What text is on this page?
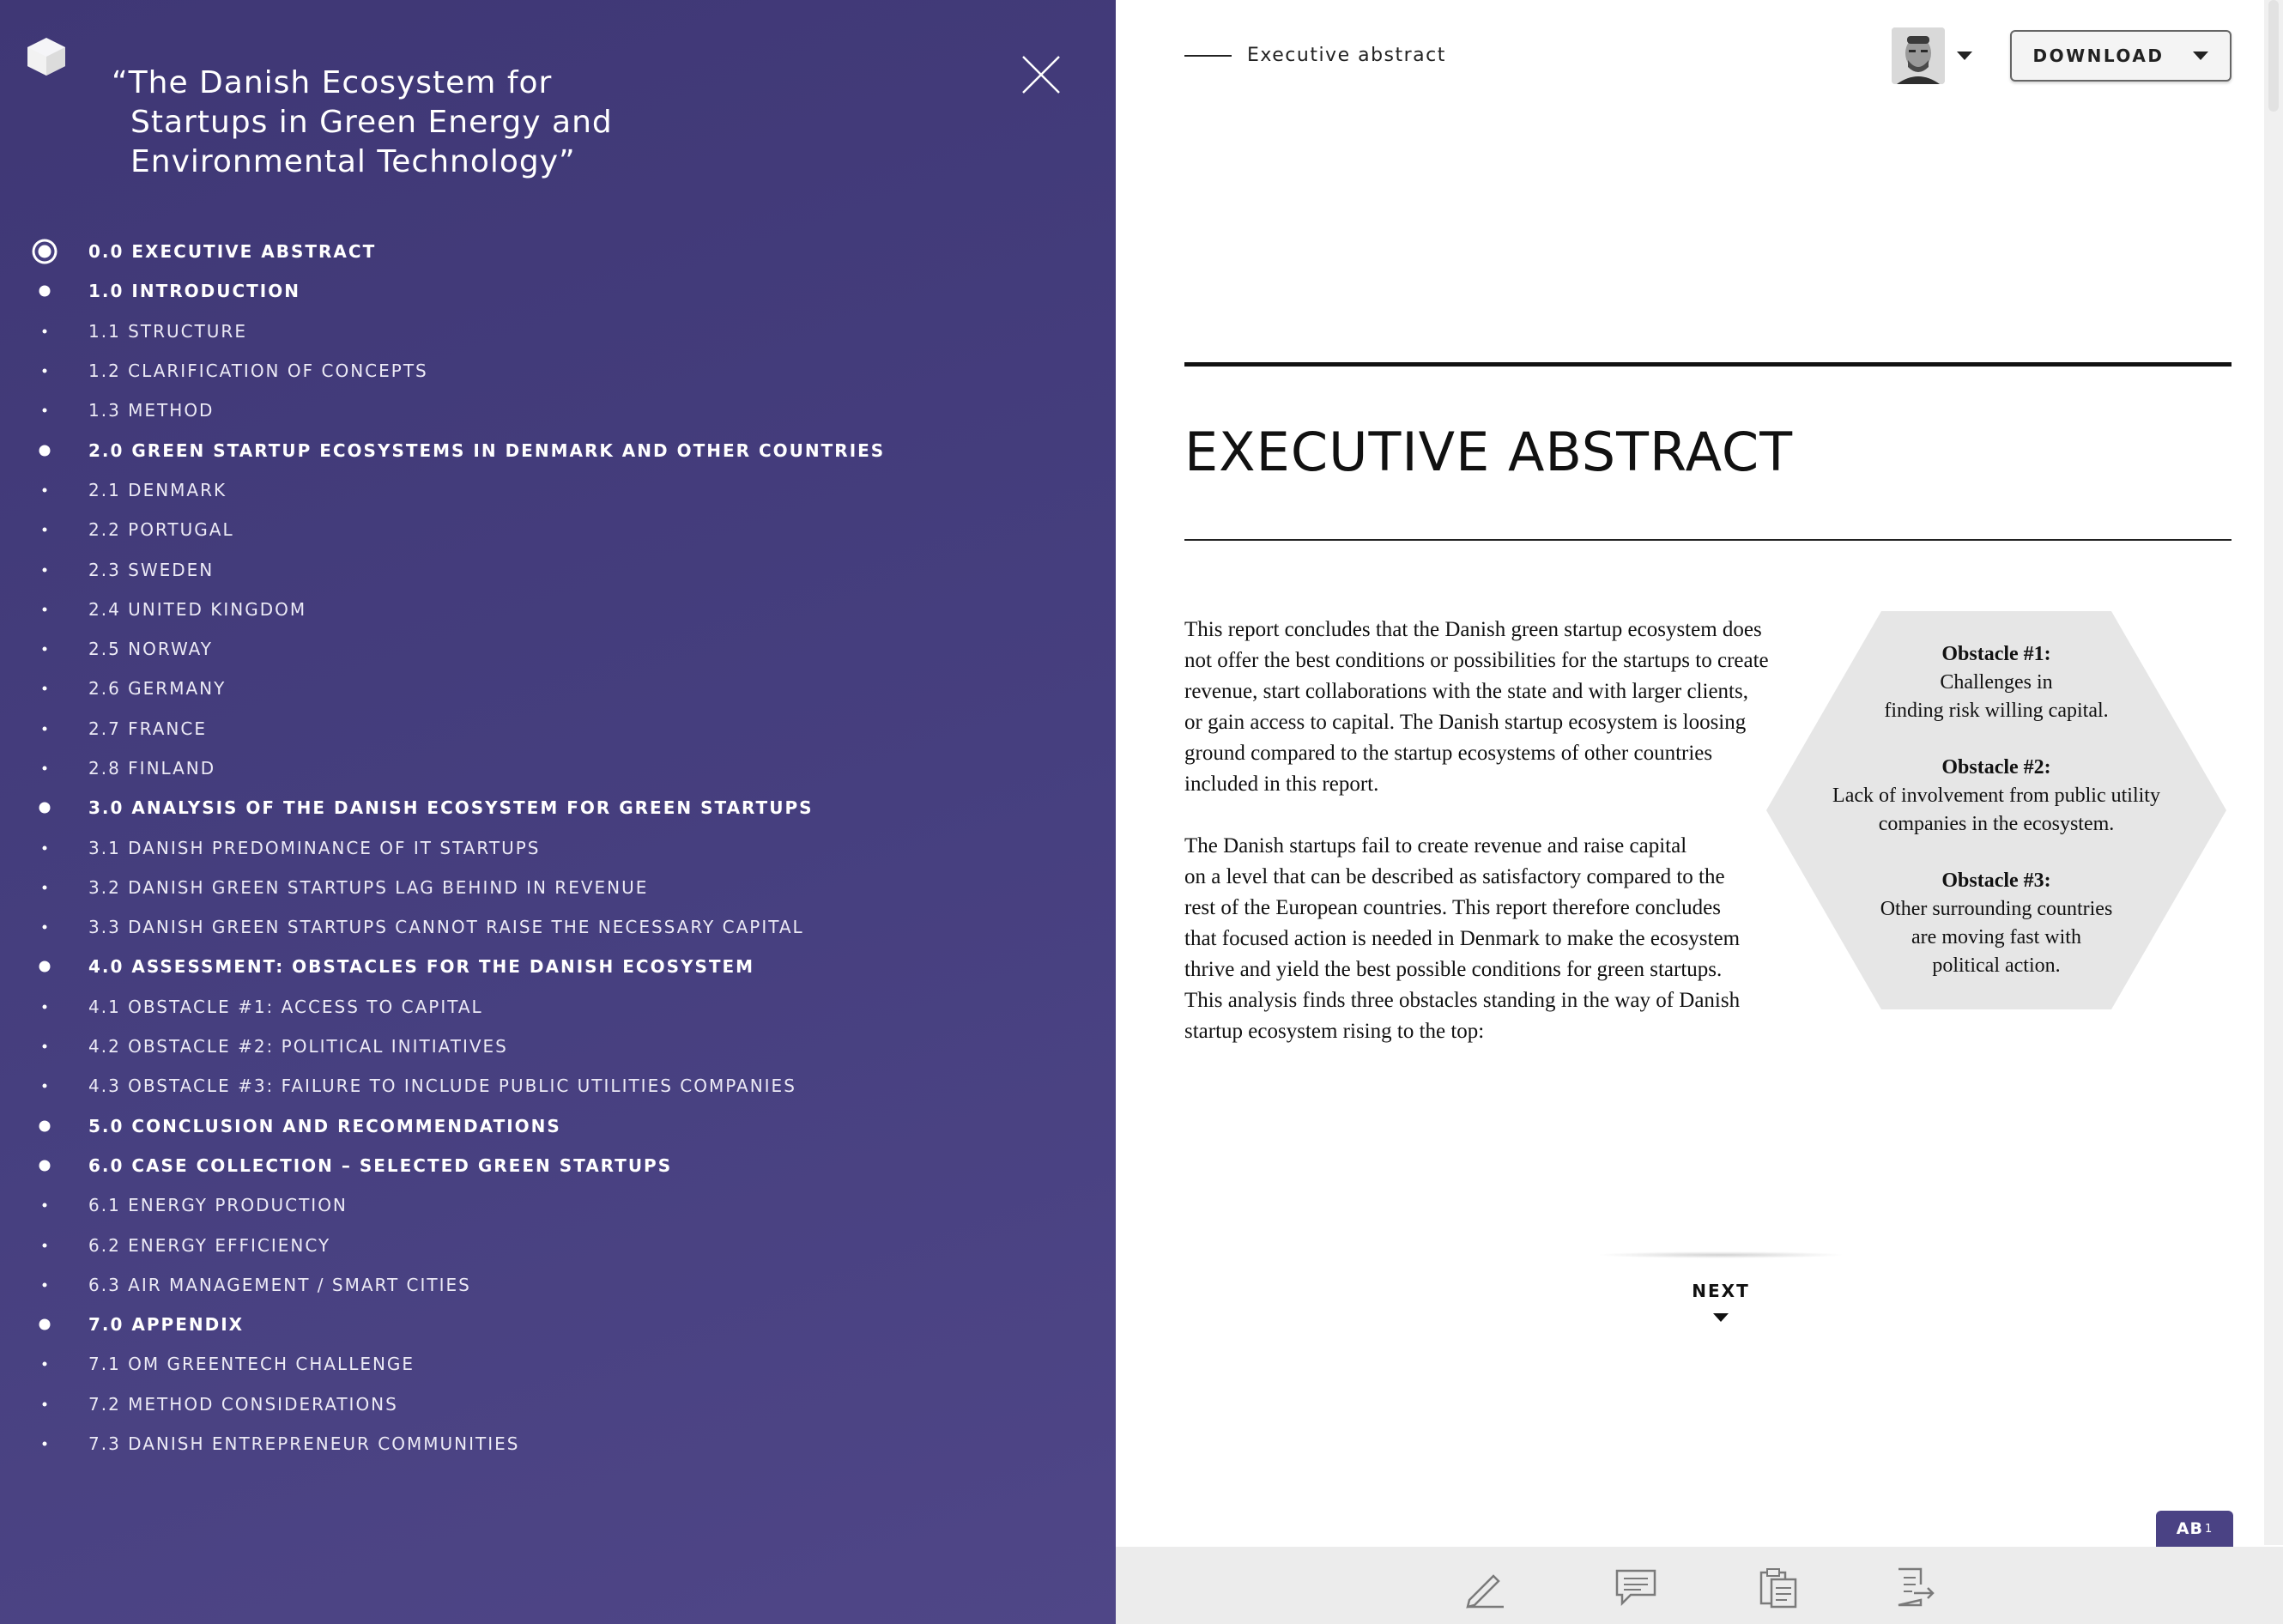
“The Danish Ecosystem for
Startups in Green Energy and
Environmental Technology”
0.0 EXECUTIVE ABSTRACT
1.0 INTRODUCTION
1.1 STRUCTURE
1.2 CLARIFICATION OF CONCEPTS
1.3 METHOD
2.0 GREEN STARTUP ECOSYSTEMS IN DENMARK AND OTHER COUNTRIES
2.1 DENMARK
2.2 PORTUGAL
2.3 SWEDEN
2.4 UNITED KINGDOM
2.5 NORWAY
2.6 GERMANY
2.7 FRANCE
2.8 FINLAND
3.0 ANALYSIS OF THE DANISH ECOSYSTEM FOR GREEN STARTUPS
3.1 DANISH PREDOMINANCE OF IT STARTUPS
3.2 DANISH GREEN STARTUPS LAG BEHIND IN REVENUE
3.3 DANISH GREEN STARTUPS CANNOT RAISE THE NECESSARY CAPITAL
4.0 ASSESSMENT: OBSTACLES FOR THE DANISH ECOSYSTEM
4.1 OBSTACLE #1: ACCESS TO CAPITAL
4.2 OBSTACLE #2: POLITICAL INITIATIVES
4.3 OBSTACLE #3: FAILURE TO INCLUDE PUBLIC UTILITIES COMPANIES
5.0 CONCLUSION AND RECOMMENDATIONS
6.0 CASE COLLECTION – SELECTED GREEN STARTUPS
6.1 ENERGY PRODUCTION
6.2 ENERGY EFFICIENCY
6.3 AIR MANAGEMENT / SMART CITIES
7.0 APPENDIX
7.1 OM GREENTECH CHALLENGE
7.2 METHOD CONSIDERATIONS
7.3 DANISH ENTREPRENEUR COMMUNITIES
Executive abstract	DOWNLOAD
EXECUTIVE ABSTRACT

This report concludes that the Danish green startup ecosystem does
not offer the best conditions or possibilities for the startups to create
revenue, start collaborations with the state and with larger clients,
or gain access to capital. The Danish startup ecosystem is loosing
ground compared to the startup ecosystems of other countries
included in this report.

The Danish startups fail to create revenue and raise capital
on a level that can be described as satisfactory compared to the
rest of the European countries. This report therefore concludes
that focused action is needed in Denmark to make the ecosystem
thrive and yield the best possible conditions for green startups.
This analysis finds three obstacles standing in the way of Danish
startup ecosystem rising to the top:

Obstacle #1:
Challenges in
finding risk willing capital.
Obstacle #2:
Lack of involvement from public utility
companies in the ecosystem.
Obstacle #3:
Other surrounding countries
are moving fast with
political action.
NEXT
AB 1
